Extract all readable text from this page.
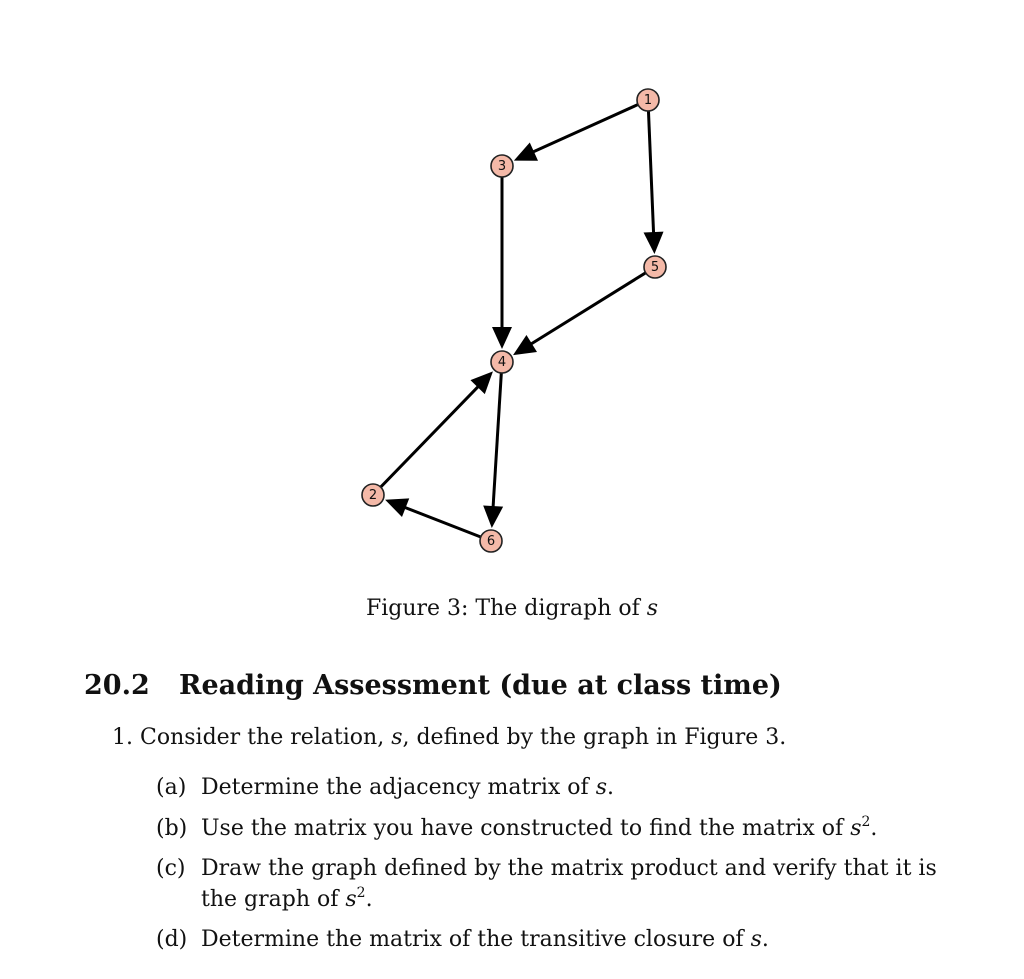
1
2
3
4
5
6
Figure 3: The digraph of s
20.2 Reading Assessment (due at class time)
1. Consider the relation, s, defined by the graph in Figure 3.
(a) Determine the adjacency matrix of s.
(b) Use the matrix you have constructed to find the matrix of $s^2$.
(c) Draw the graph defined by the matrix product and verify that it is
the graph of $s^2$.
(d) Determine the matrix of the transitive closure of s.
